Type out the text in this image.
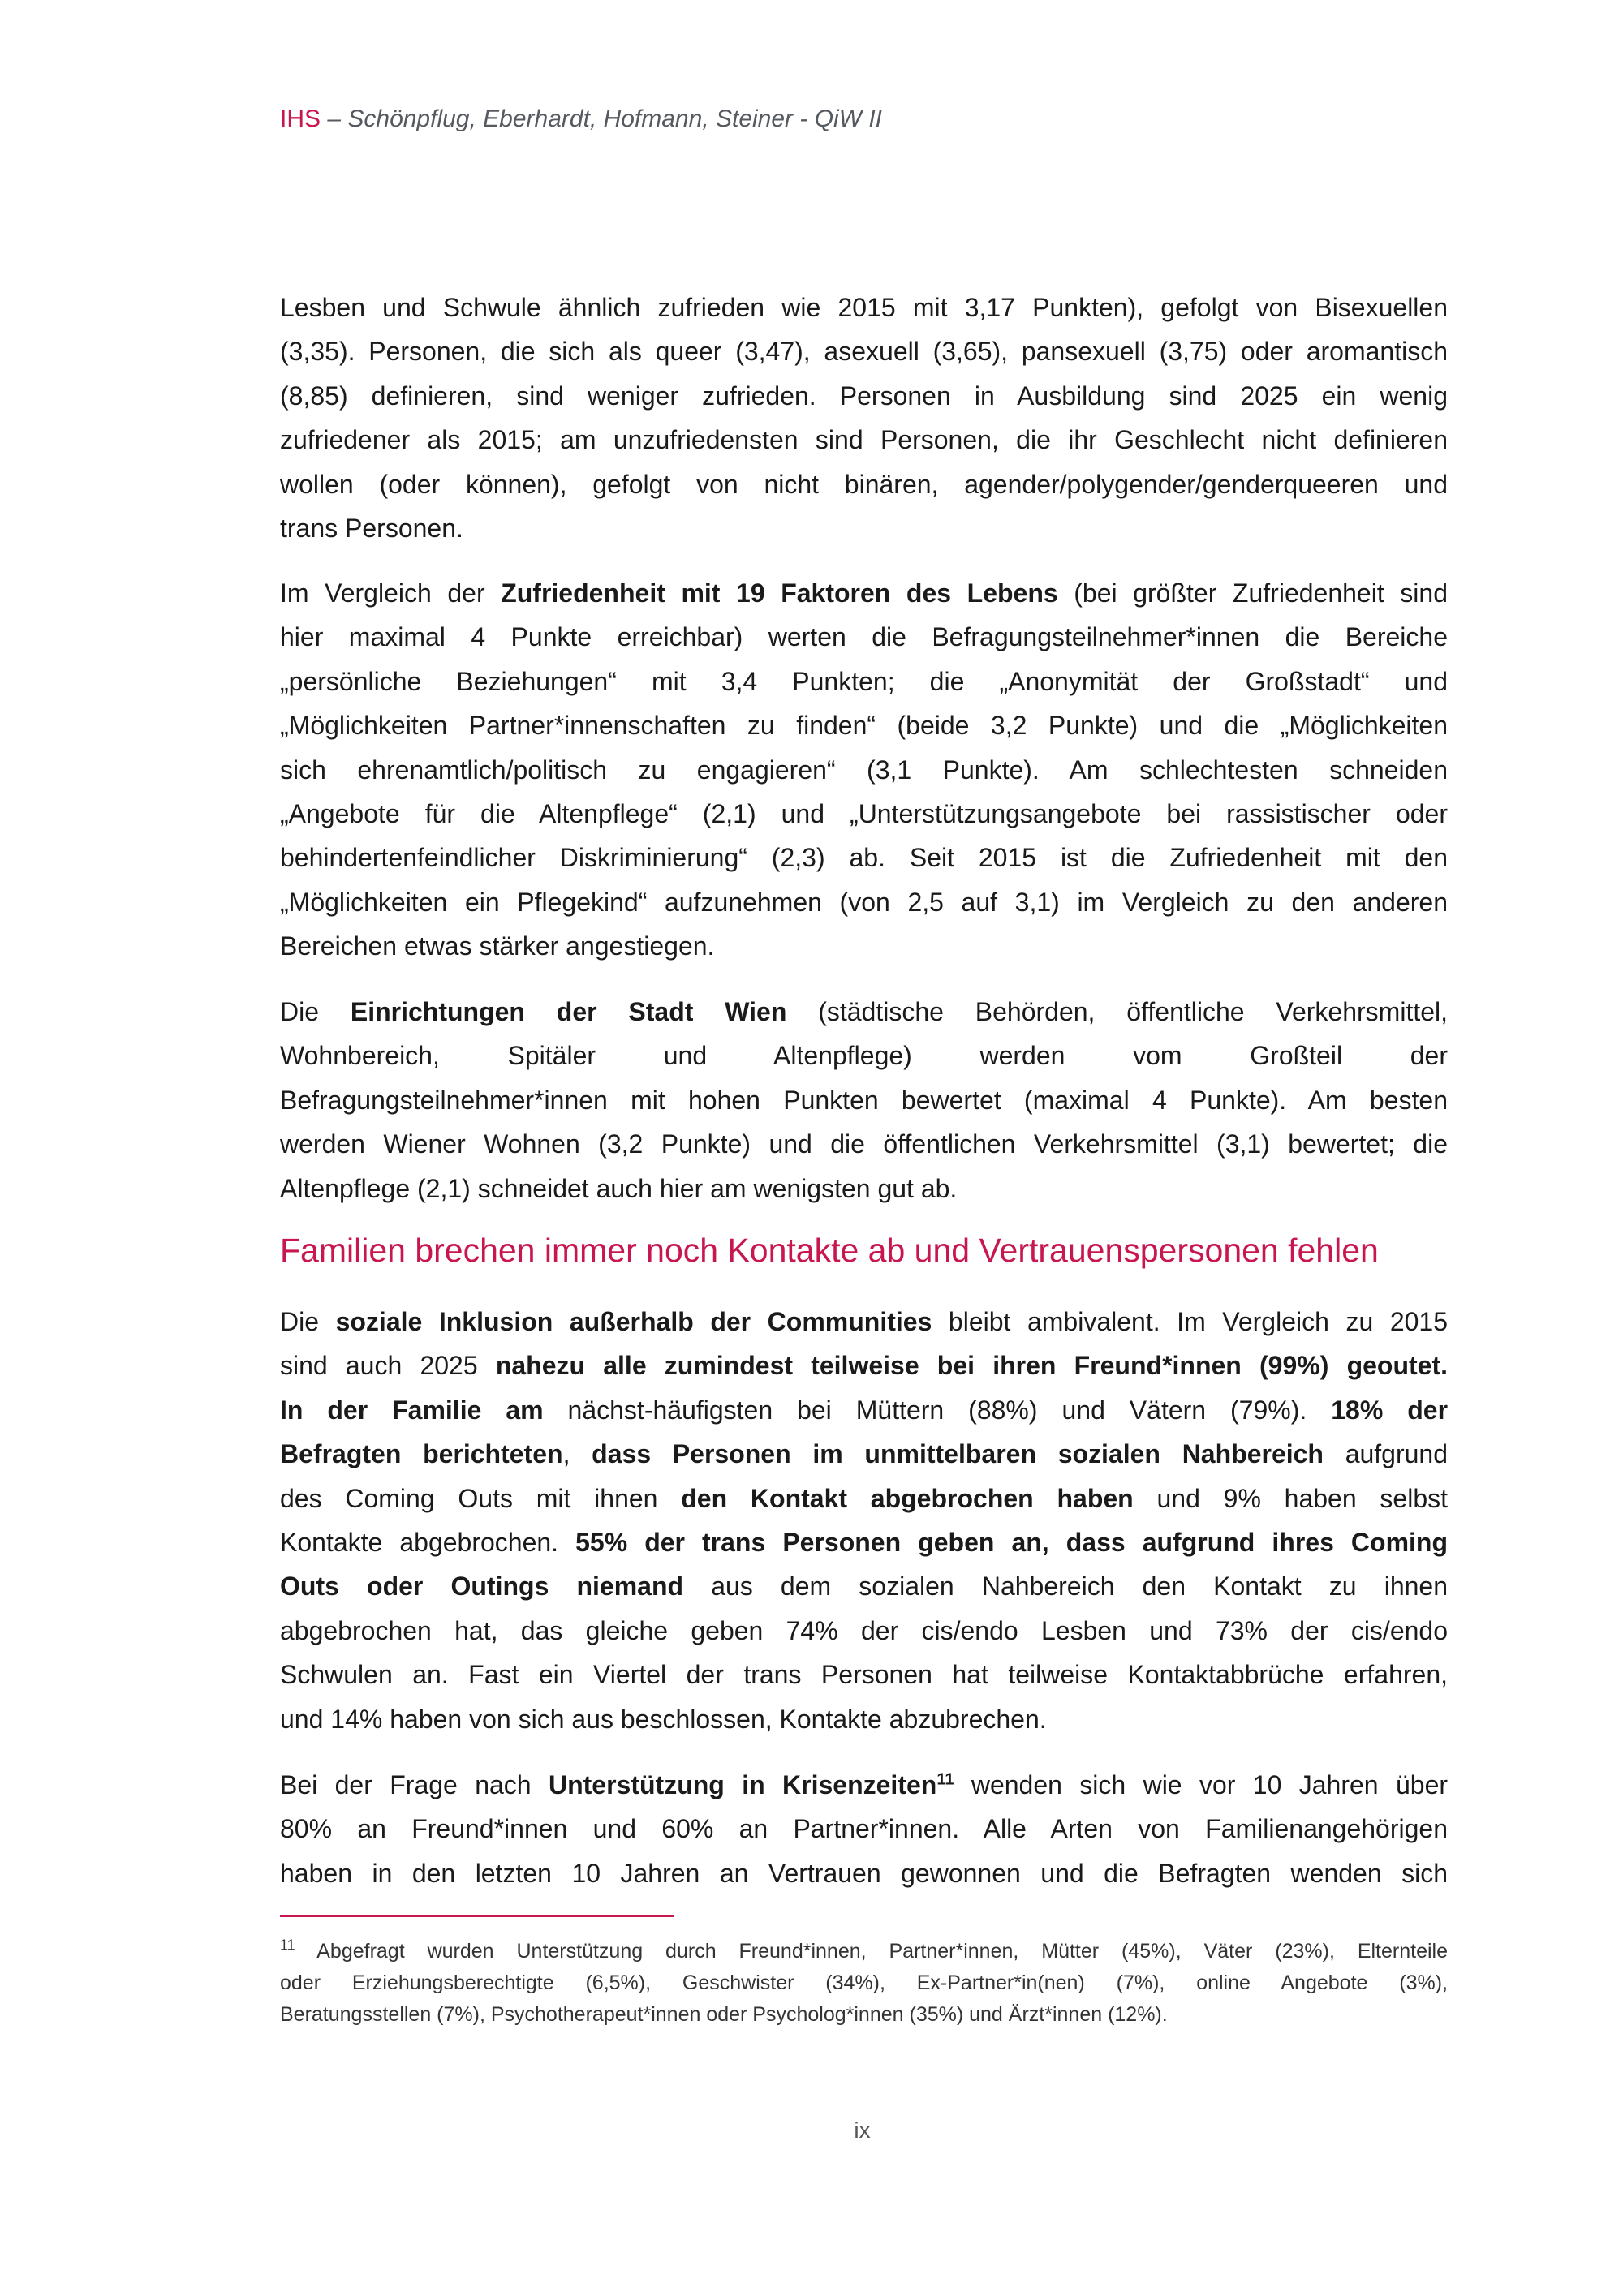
IHS – Schönpflug, Eberhardt, Hofmann, Steiner - QiW II
Lesben und Schwule ähnlich zufrieden wie 2015 mit 3,17 Punkten), gefolgt von Bisexuellen
(3,35). Personen, die sich als queer (3,47), asexuell (3,65), pansexuell (3,75) oder aromantisch
(8,85) definieren, sind weniger zufrieden. Personen in Ausbildung sind 2025 ein wenig
zufriedener als 2015; am unzufriedensten sind Personen, die ihr Geschlecht nicht definieren
wollen (oder können), gefolgt von nicht binären, agender/polygender/genderqueeren und
trans Personen.
Im Vergleich der Zufriedenheit mit 19 Faktoren des Lebens (bei größter Zufriedenheit sind
hier maximal 4 Punkte erreichbar) werten die Befragungsteilnehmer*innen die Bereiche
„persönliche Beziehungen“ mit 3,4 Punkten; die „Anonymität der Großstadt“ und
„Möglichkeiten Partner*innenschaften zu finden“ (beide 3,2 Punkte) und die „Möglichkeiten
sich ehrenamtlich/politisch zu engagieren“ (3,1 Punkte). Am schlechtesten schneiden
„Angebote für die Altenpflege“ (2,1) und „Unterstützungsangebote bei rassistischer oder
behindertenfeindlicher Diskriminierung“ (2,3) ab. Seit 2015 ist die Zufriedenheit mit den
„Möglichkeiten ein Pflegekind“ aufzunehmen (von 2,5 auf 3,1) im Vergleich zu den anderen
Bereichen etwas stärker angestiegen.
Die Einrichtungen der Stadt Wien (städtische Behörden, öffentliche Verkehrsmittel,
Wohnbereich, Spitäler und Altenpflege) werden vom Großteil der
Befragungsteilnehmer*innen mit hohen Punkten bewertet (maximal 4 Punkte). Am besten
werden Wiener Wohnen (3,2 Punkte) und die öffentlichen Verkehrsmittel (3,1) bewertet; die
Altenpflege (2,1) schneidet auch hier am wenigsten gut ab.
Familien brechen immer noch Kontakte ab und Vertrauenspersonen fehlen
Die soziale Inklusion außerhalb der Communities bleibt ambivalent. Im Vergleich zu 2015
sind auch 2025 nahezu alle zumindest teilweise bei ihren Freund*innen (99%) geoutet.
In der Familie am nächst-häufigsten bei Müttern (88%) und Vätern (79%). 18% der
Befragten berichteten, dass Personen im unmittelbaren sozialen Nahbereich aufgrund
des Coming Outs mit ihnen den Kontakt abgebrochen haben und 9% haben selbst
Kontakte abgebrochen. 55% der trans Personen geben an, dass aufgrund ihres Coming
Outs oder Outings niemand aus dem sozialen Nahbereich den Kontakt zu ihnen
abgebrochen hat, das gleiche geben 74% der cis/endo Lesben und 73% der cis/endo
Schwulen an. Fast ein Viertel der trans Personen hat teilweise Kontaktabbrüche erfahren,
und 14% haben von sich aus beschlossen, Kontakte abzubrechen.
Bei der Frage nach Unterstützung in Krisenzeiten$^{11}$ wenden sich wie vor 10 Jahren über
80% an Freund*innen und 60% an Partner*innen. Alle Arten von Familienangehörigen
haben in den letzten 10 Jahren an Vertrauen gewonnen und die Befragten wenden sich
$^{11}$ Abgefragt wurden Unterstützung durch Freund*innen, Partner*innen, Mütter (45%), Väter (23%), Elternteile
oder Erziehungsberechtigte (6,5%), Geschwister (34%), Ex-Partner*in(nen) (7%), online Angebote (3%),
Beratungsstellen (7%), Psychotherapeut*innen oder Psycholog*innen (35%) und Ärzt*innen (12%).
ix
